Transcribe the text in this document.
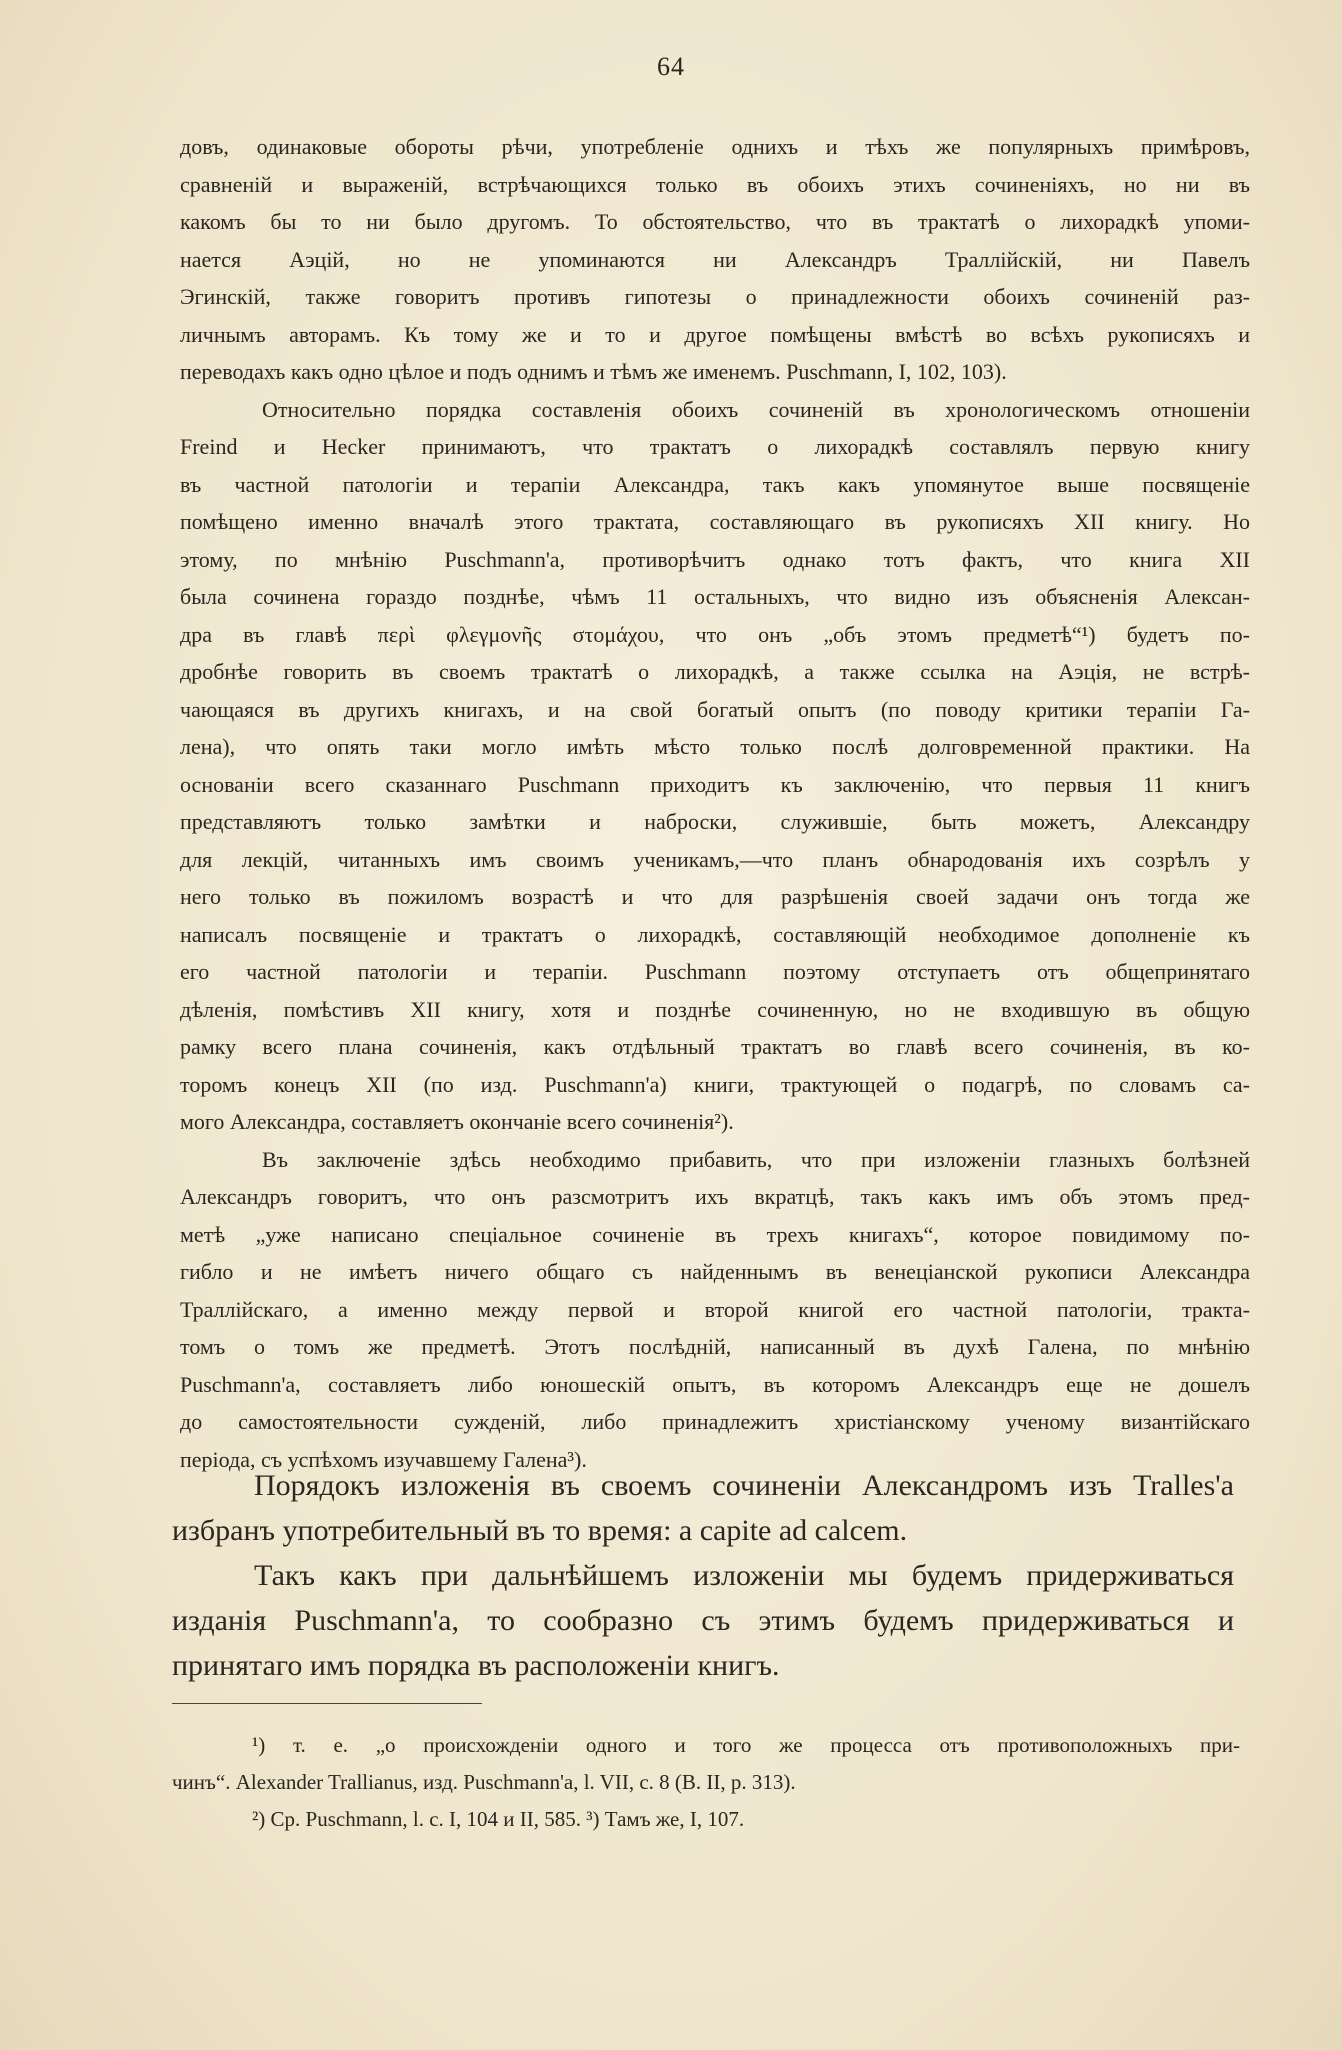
64
довъ, одинаковые обороты рѣчи, употребленіе однихъ и тѣхъ же популярныхъ примѣровъ,
сравненій и выраженій, встрѣчающихся только въ обоихъ этихъ сочиненіяхъ, но ни въ
какомъ бы то ни было другомъ. То обстоятельство, что въ трактатѣ о лихорадкѣ упоми-
нается Аэцій, но не упоминаются ни Александръ Траллійскій, ни Павелъ
Эгинскій, также говоритъ противъ гипотезы о принадлежности обоихъ сочиненій раз-
личнымъ авторамъ. Къ тому же и то и другое помѣщены вмѣстѣ во всѣхъ рукописяхъ и
переводахъ какъ одно цѣлое и подъ однимъ и тѣмъ же именемъ. Puschmann, I, 102, 103).
Относительно порядка составленія обоихъ сочиненій въ хронологическомъ отношеніи
Freind и Hecker принимаютъ, что трактатъ о лихорадкѣ составлялъ первую книгу
въ частной патологіи и терапіи Александра, такъ какъ упомянутое выше посвященіе
помѣщено именно вначалѣ этого трактата, составляющаго въ рукописяхъ XII книгу. Но
этому, по мнѣнію Puschmann'а, противорѣчитъ однако тотъ фактъ, что книга XII
была сочинена гораздо позднѣе, чѣмъ 11 остальныхъ, что видно изъ объясненія Алексан-
дра въ главѣ περὶ φλεγμονῆς στομάχου, что онъ „объ этомъ предметѣ“¹) будетъ по-
дробнѣе говорить въ своемъ трактатѣ о лихорадкѣ, а также ссылка на Аэція, не встрѣ-
чающаяся въ другихъ книгахъ, и на свой богатый опытъ (по поводу критики терапіи Га-
лена), что опять таки могло имѣть мѣсто только послѣ долговременной практики. На
основаніи всего сказаннаго Puschmann приходитъ къ заключенію, что первыя 11 книгъ
представляютъ только замѣтки и наброски, служившіе, быть можетъ, Александру
для лекцій, читанныхъ имъ своимъ ученикамъ,—что планъ обнародованія ихъ созрѣлъ у
него только въ пожиломъ возрастѣ и что для разрѣшенія своей задачи онъ тогда же
написалъ посвященіе и трактатъ о лихорадкѣ, составляющій необходимое дополненіе къ
его частной патологіи и терапіи. Puschmann поэтому отступаетъ отъ общепринятаго
дѣленія, помѣстивъ XII книгу, хотя и позднѣе сочиненную, но не входившую въ общую
рамку всего плана сочиненія, какъ отдѣльный трактатъ во главѣ всего сочиненія, въ ко-
торомъ конецъ XII (по изд. Puschmann'а) книги, трактующей о подагрѣ, по словамъ са-
мого Александра, составляетъ окончаніе всего сочиненія²).
Въ заключеніе здѣсь необходимо прибавить, что при изложеніи глазныхъ болѣзней
Александръ говоритъ, что онъ разсмотритъ ихъ вкратцѣ, такъ какъ имъ объ этомъ пред-
метѣ „уже написано спеціальное сочиненіе въ трехъ книгахъ“, которое повидимому по-
гибло и не имѣетъ ничего общаго съ найденнымъ въ венеціанской рукописи Александра
Траллійскаго, а именно между первой и второй книгой его частной патологіи, тракта-
томъ о томъ же предметѣ. Этотъ послѣдній, написанный въ духѣ Галена, по мнѣнію
Puschmann'а, составляетъ либо юношескій опытъ, въ которомъ Александръ еще не дошелъ
до самостоятельности сужденій, либо принадлежитъ христіанскому ученому византійскаго
періода, съ успѣхомъ изучавшему Галена³).
Порядокъ изложенія въ своемъ сочиненіи Александромъ изъ Tralles'а
избранъ употребительный въ то время: a capite ad calcem.
Такъ какъ при дальнѣйшемъ изложеніи мы будемъ придерживаться
изданія Puschmann'а, то сообразно съ этимъ будемъ придерживаться и
принятаго имъ порядка въ расположеніи книгъ.
¹) т. е. „о происхожденіи одного и того же процесса отъ противоположныхъ при-
чинъ“. Alexander Trallianus, изд. Puschmann'а, l. VII, c. 8 (B. II, p. 313).
²) Ср. Puschmann, l. c. I, 104 и II, 585. ³) Тамъ же, I, 107.
